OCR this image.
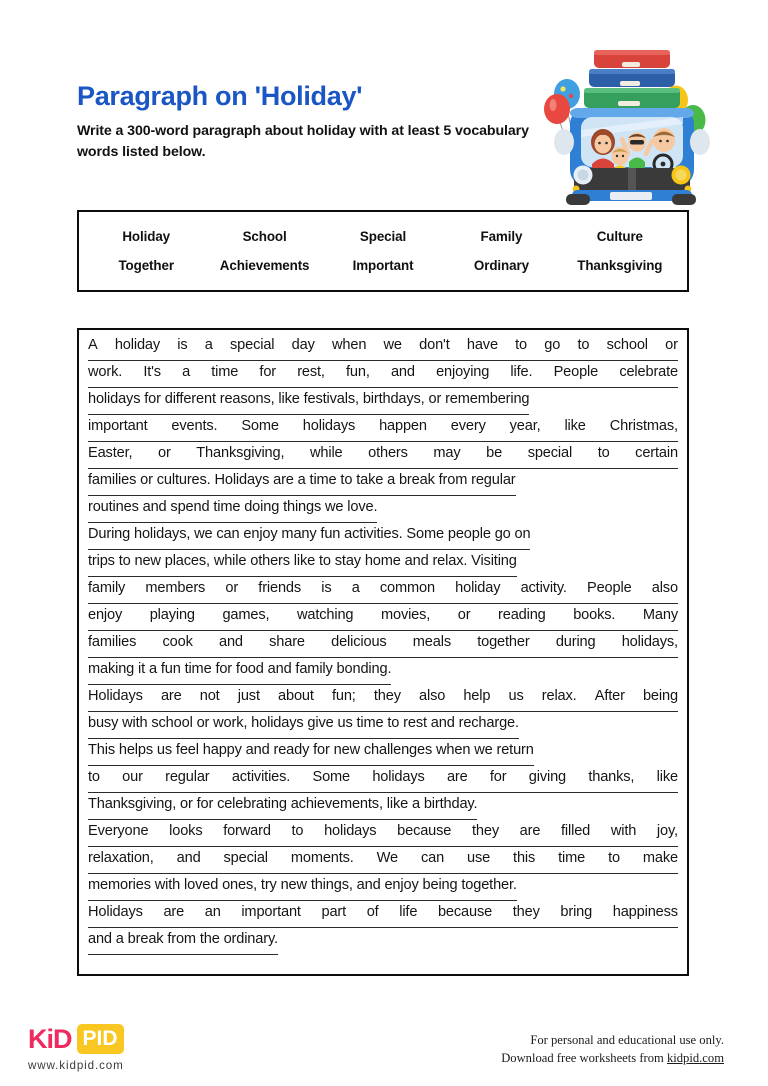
Paragraph on 'Holiday'

Write a 300-word paragraph about holiday with at least 5 vocabulary words listed below.

Holiday	School	Special	Family	Culture
Together	Achievements	Important	Ordinary	Thanksgiving
A holiday is a special day when we don't have to go to school or
work. It's a time for rest, fun, and enjoying life. People celebrate
holidays for different reasons, like festivals, birthdays, or remembering
important events. Some holidays happen every year, like Christmas,
Easter, or Thanksgiving, while others may be special to certain
families or cultures. Holidays are a time to take a break from regular
routines and spend time doing things we love.
During holidays, we can enjoy many fun activities. Some people go on
trips to new places, while others like to stay home and relax. Visiting
family members or friends is a common holiday activity. People also
enjoy playing games, watching movies, or reading books. Many
families cook and share delicious meals together during holidays,
making it a fun time for food and family bonding.
Holidays are not just about fun; they also help us relax. After being
busy with school or work, holidays give us time to rest and recharge.
This helps us feel happy and ready for new challenges when we return
to our regular activities. Some holidays are for giving thanks, like
Thanksgiving, or for celebrating achievements, like a birthday.
Everyone looks forward to holidays because they are filled with joy,
relaxation, and special moments. We can use this time to make
memories with loved ones, try new things, and enjoy being together.
Holidays are an important part of life because they bring happiness
and a break from the ordinary.
KiD PID
www.kidpid.com
For personal and educational use only.
Download free worksheets from kidpid.com
